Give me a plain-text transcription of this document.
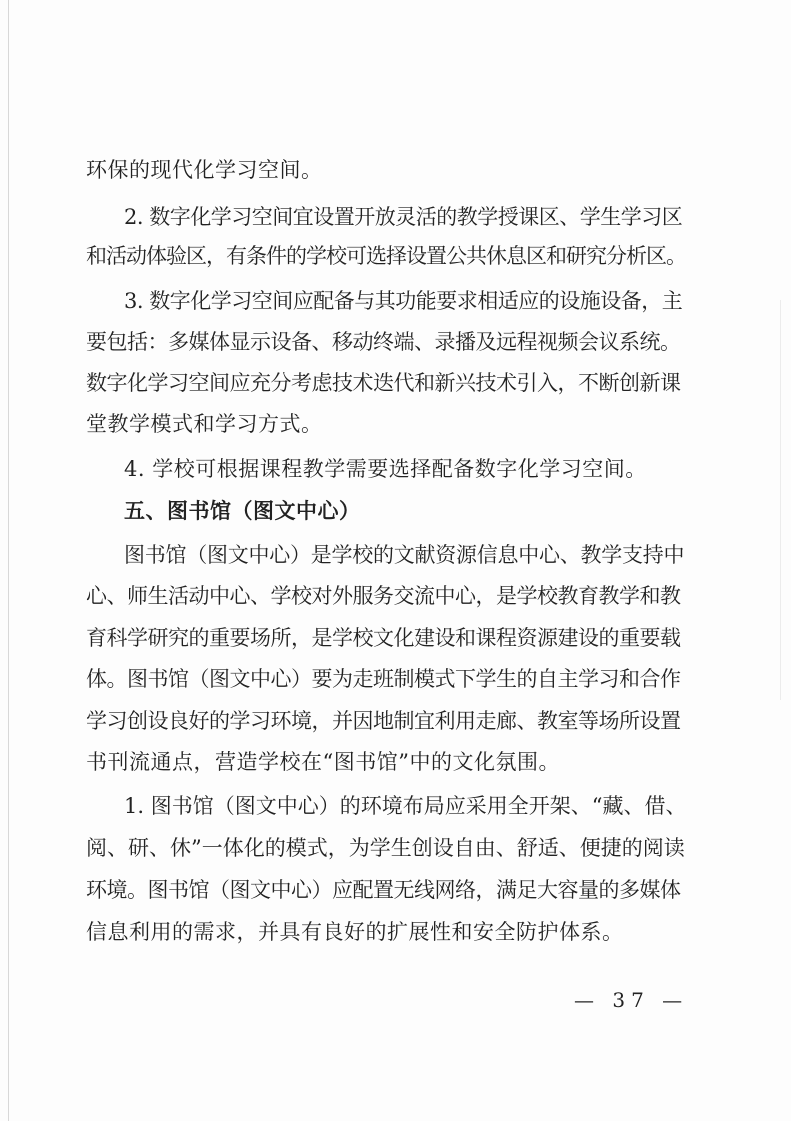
环保的现代化学习空间。
2. 数字化学习空间宜设置开放灵活的教学授课区、学生学习区
和活动体验区，有条件的学校可选择设置公共休息区和研究分析区。
3. 数字化学习空间应配备与其功能要求相适应的设施设备，主
要包括：多媒体显示设备、移动终端、录播及远程视频会议系统。
数字化学习空间应充分考虑技术迭代和新兴技术引入，不断创新课
堂教学模式和学习方式。
4. 学校可根据课程教学需要选择配备数字化学习空间。
五、图书馆（图文中心）
图书馆（图文中心）是学校的文献资源信息中心、教学支持中
心、师生活动中心、学校对外服务交流中心，是学校教育教学和教
育科学研究的重要场所，是学校文化建设和课程资源建设的重要载
体。图书馆（图文中心）要为走班制模式下学生的自主学习和合作
学习创设良好的学习环境，并因地制宜利用走廊、教室等场所设置
书刊流通点，营造学校在“图书馆”中的文化氛围。
1. 图书馆（图文中心）的环境布局应采用全开架、“藏、借、
阅、研、休”一体化的模式，为学生创设自由、舒适、便捷的阅读
环境。图书馆（图文中心）应配置无线网络，满足大容量的多媒体
信息利用的需求，并具有良好的扩展性和安全防护体系。
— 37 —
